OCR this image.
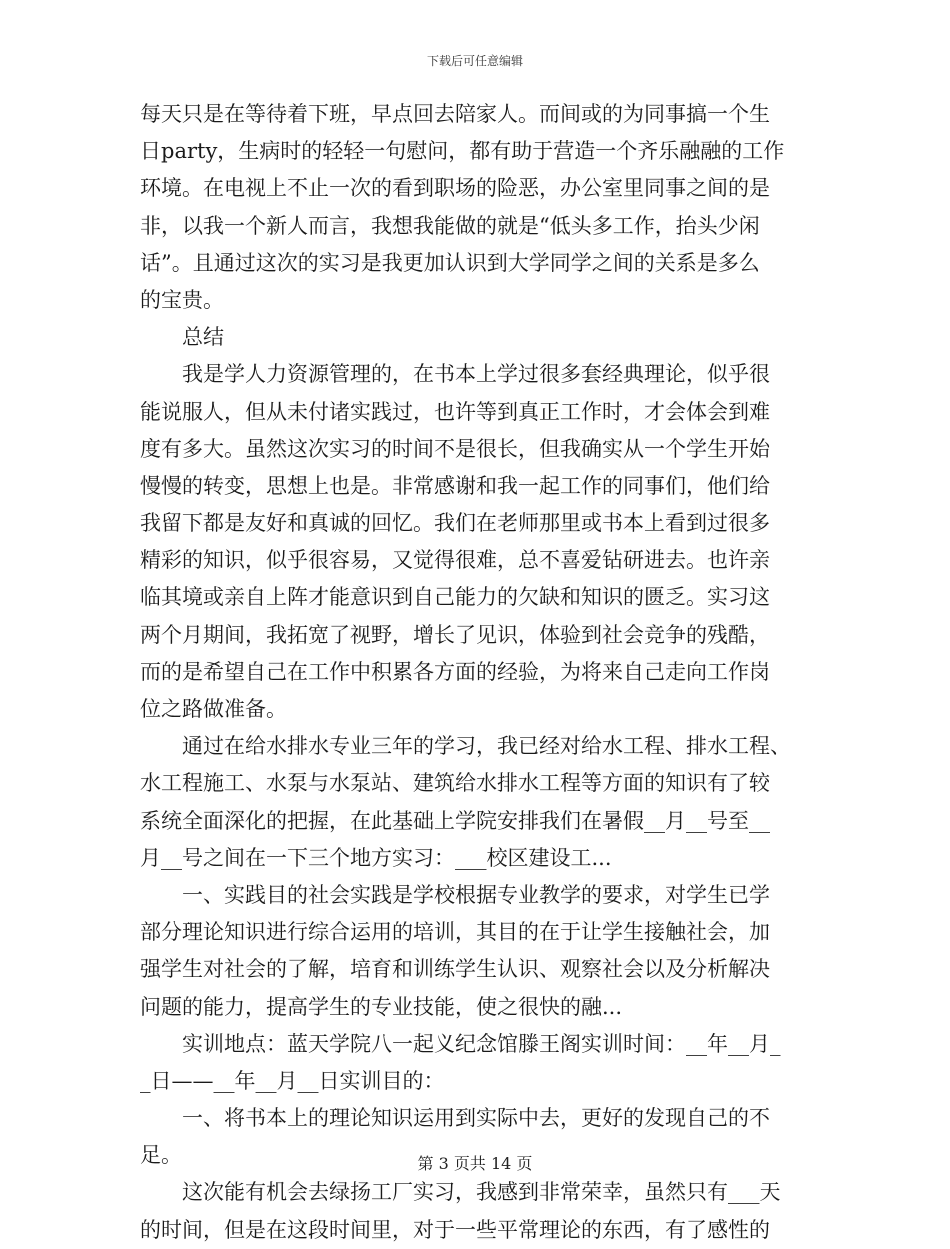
下载后可任意编辑
每天只是在等待着下班，早点回去陪家人。而间或的为同事搞一个生
日party，生病时的轻轻一句慰问，都有助于营造一个齐乐融融的工作
环境。在电视上不止一次的看到职场的险恶，办公室里同事之间的是
非，以我一个新人而言，我想我能做的就是“低头多工作，抬头少闲
话”。且通过这次的实习是我更加认识到大学同学之间的关系是多么
的宝贵。
　　总结
　　我是学人力资源管理的，在书本上学过很多套经典理论，似乎很
能说服人，但从未付诸实践过，也许等到真正工作时，才会体会到难
度有多大。虽然这次实习的时间不是很长，但我确实从一个学生开始
慢慢的转变，思想上也是。非常感谢和我一起工作的同事们，他们给
我留下都是友好和真诚的回忆。我们在老师那里或书本上看到过很多
精彩的知识，似乎很容易，又觉得很难，总不喜爱钻研进去。也许亲
临其境或亲自上阵才能意识到自己能力的欠缺和知识的匮乏。实习这
两个月期间，我拓宽了视野，增长了见识，体验到社会竞争的残酷，
而的是希望自己在工作中积累各方面的经验，为将来自己走向工作岗
位之路做准备。
　　通过在给水排水专业三年的学习，我已经对给水工程、排水工程、
水工程施工、水泵与水泵站、建筑给水排水工程等方面的知识有了较
系统全面深化的把握，在此基础上学院安排我们在暑假__月__号至__
月__号之间在一下三个地方实习：___校区建设工...
　　一、实践目的社会实践是学校根据专业教学的要求，对学生已学
部分理论知识进行综合运用的培训，其目的在于让学生接触社会，加
强学生对社会的了解，培育和训练学生认识、观察社会以及分析解决
问题的能力，提高学生的专业技能，使之很快的融...
　　实训地点：蓝天学院八一起义纪念馆滕王阁实训时间：__年__月_
_日——__年__月__日实训目的：
　　一、将书本上的理论知识运用到实际中去，更好的发现自己的不
足。
　　这次能有机会去绿扬工厂实习，我感到非常荣幸，虽然只有___天
的时间，但是在这段时间里，对于一些平常理论的东西，有了感性的
第 3 页共 14 页
